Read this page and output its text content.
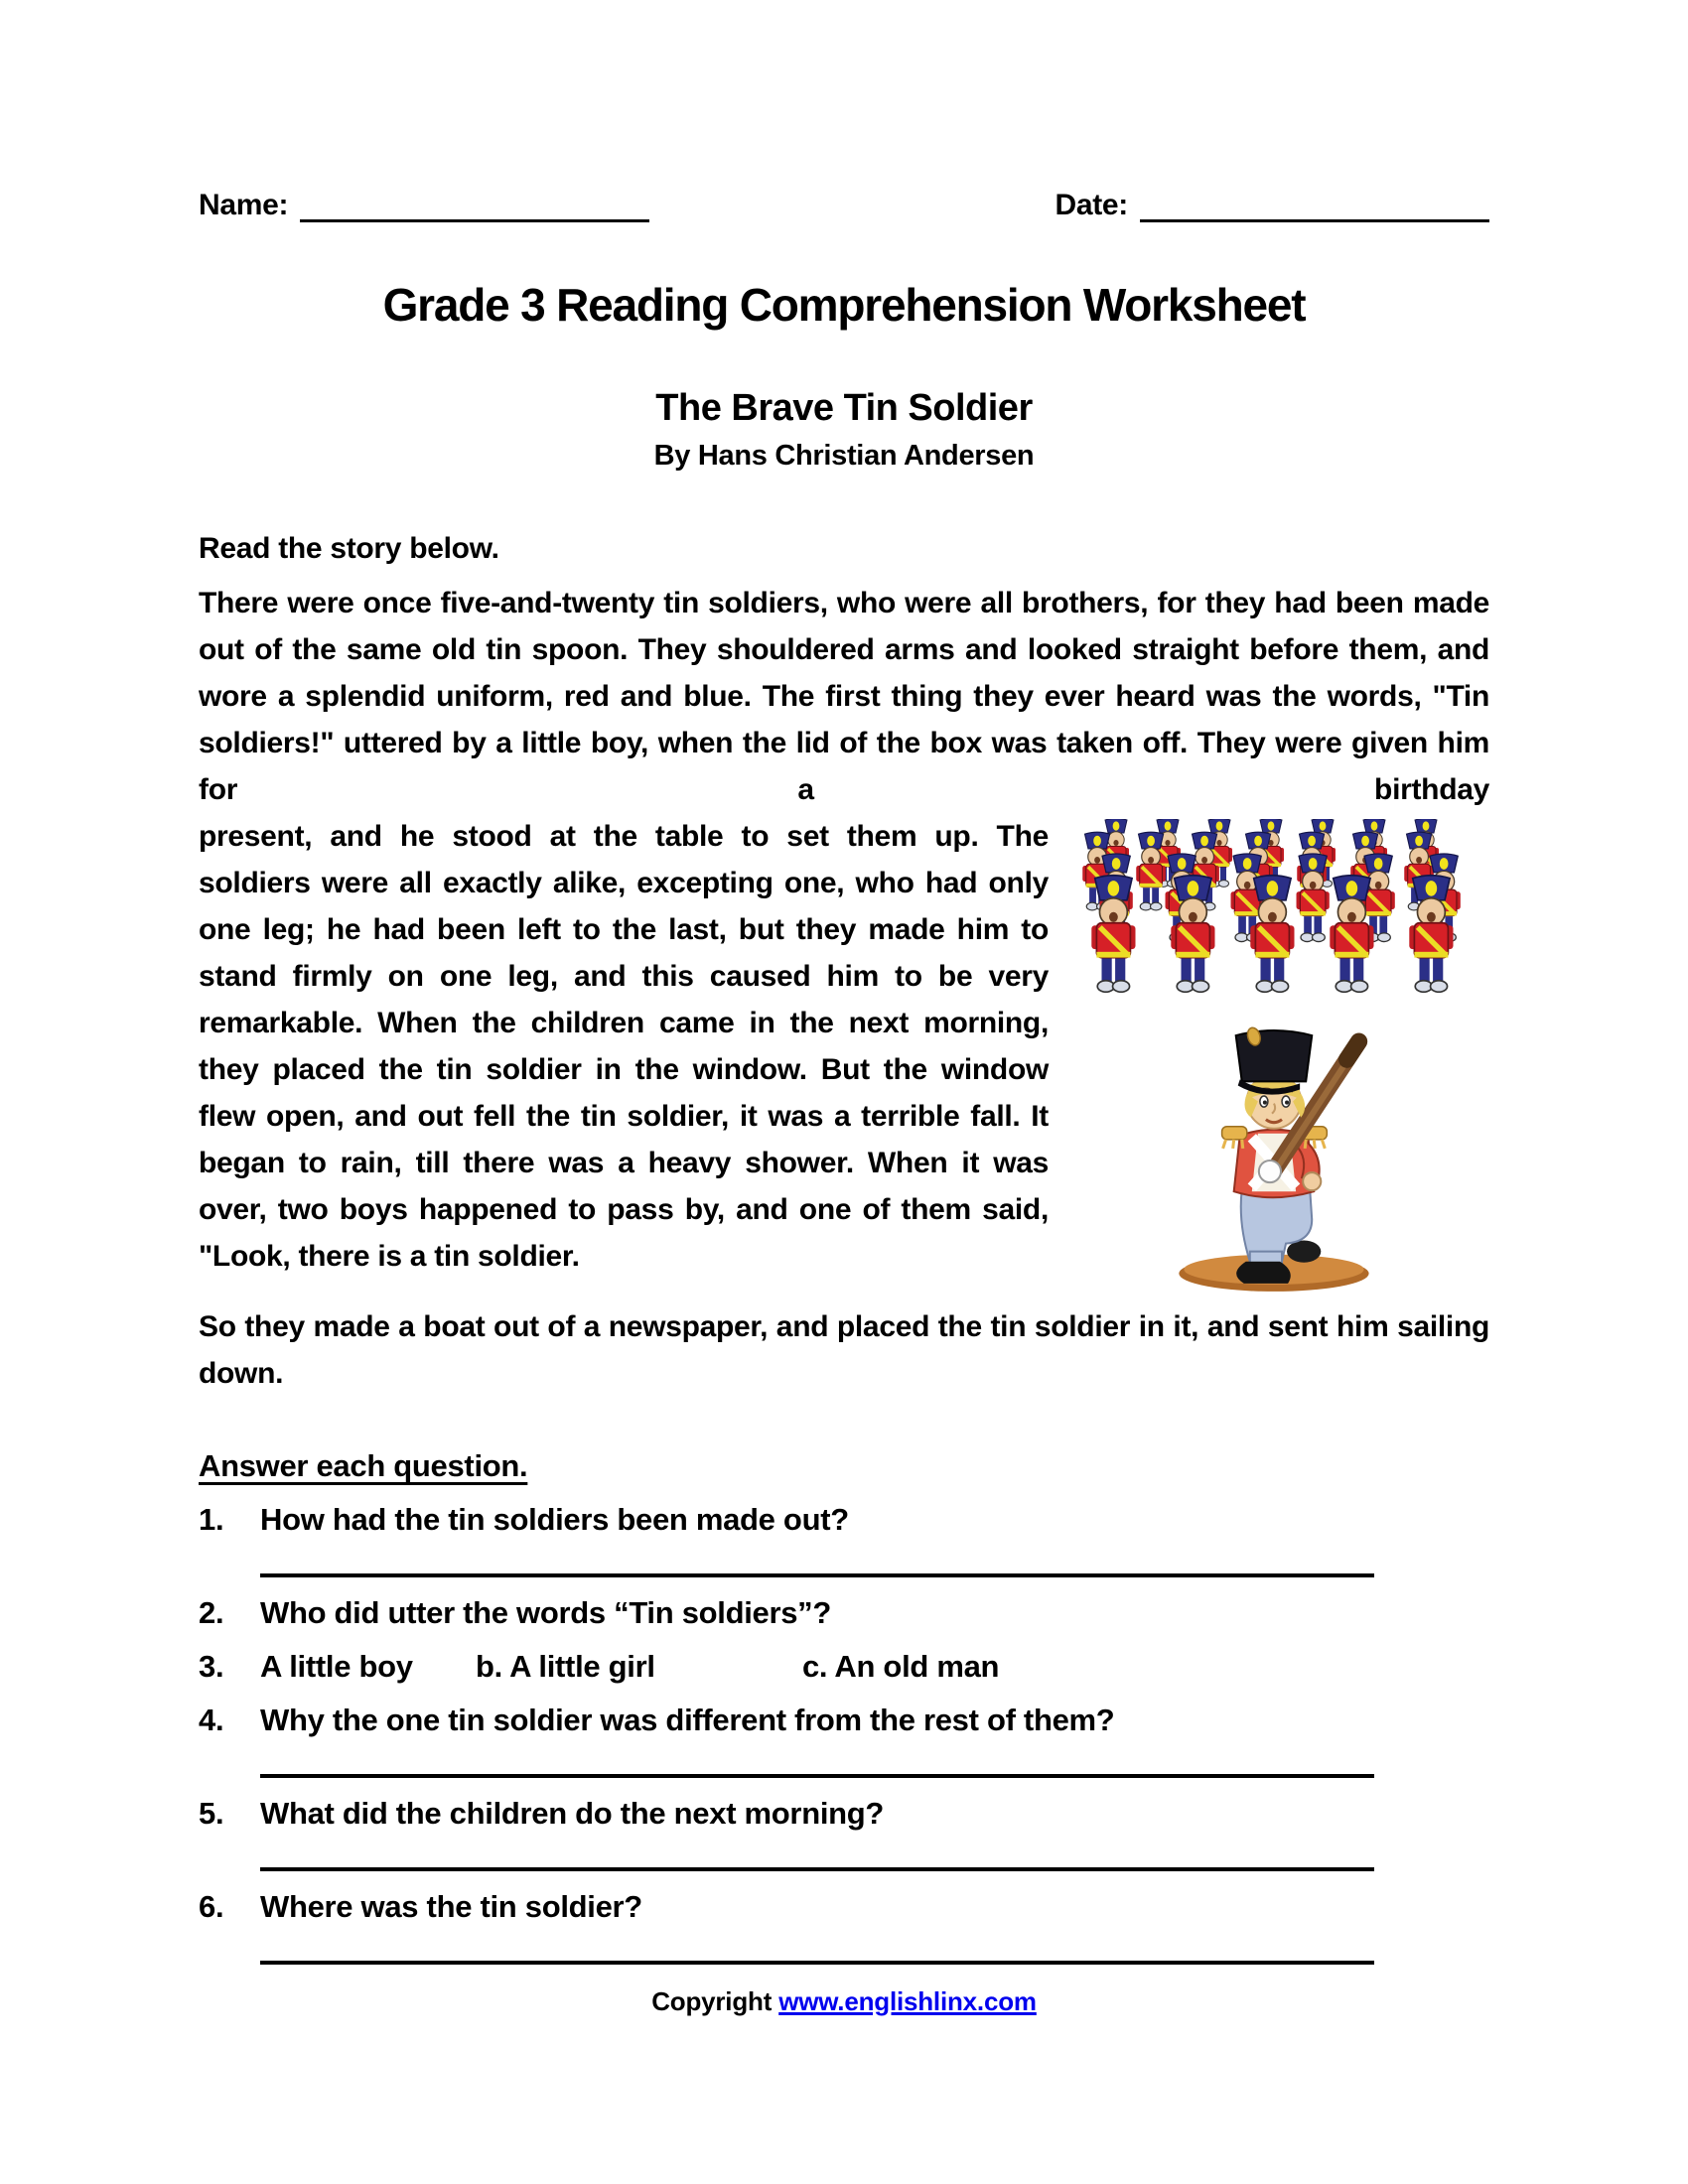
Name:	Date:
Grade 3 Reading Comprehension Worksheet
The Brave Tin Soldier
By Hans Christian Andersen
Read the story below.
There were once five-and-twenty tin soldiers, who were all brothers, for they had been made out of the same old tin spoon. They shouldered arms and looked straight before them, and wore a splendid uniform, red and blue. The first thing they ever heard was the words, "Tin soldiers!" uttered by a little boy, when the lid of the box was taken off. They were given him for a birthday
present, and he stood at the table to set them up. The soldiers were all exactly alike, excepting one, who had only one leg; he had been left to the last, but they made him to stand firmly on one leg, and this caused him to be very remarkable. When the children came in the next morning, they placed the tin soldier in the window. But the window flew open, and out fell the tin soldier, it was a terrible fall. It began to rain, till there was a heavy shower. When it was over, two boys happened to pass by, and one of them said, "Look, there is a tin soldier.
So they made a boat out of a newspaper, and placed the tin soldier in it, and sent him sailing down.
Answer each question.
1.	How had the tin soldiers been made out?
2.	Who did utter the words “Tin soldiers”?
3.	A little boy b. A little girl	c. An old man
4.	Why the one tin soldier was different from the rest of them?
5.	What did the children do the next morning?
6.	Where was the tin soldier?
Copyright www.englishlinx.com
